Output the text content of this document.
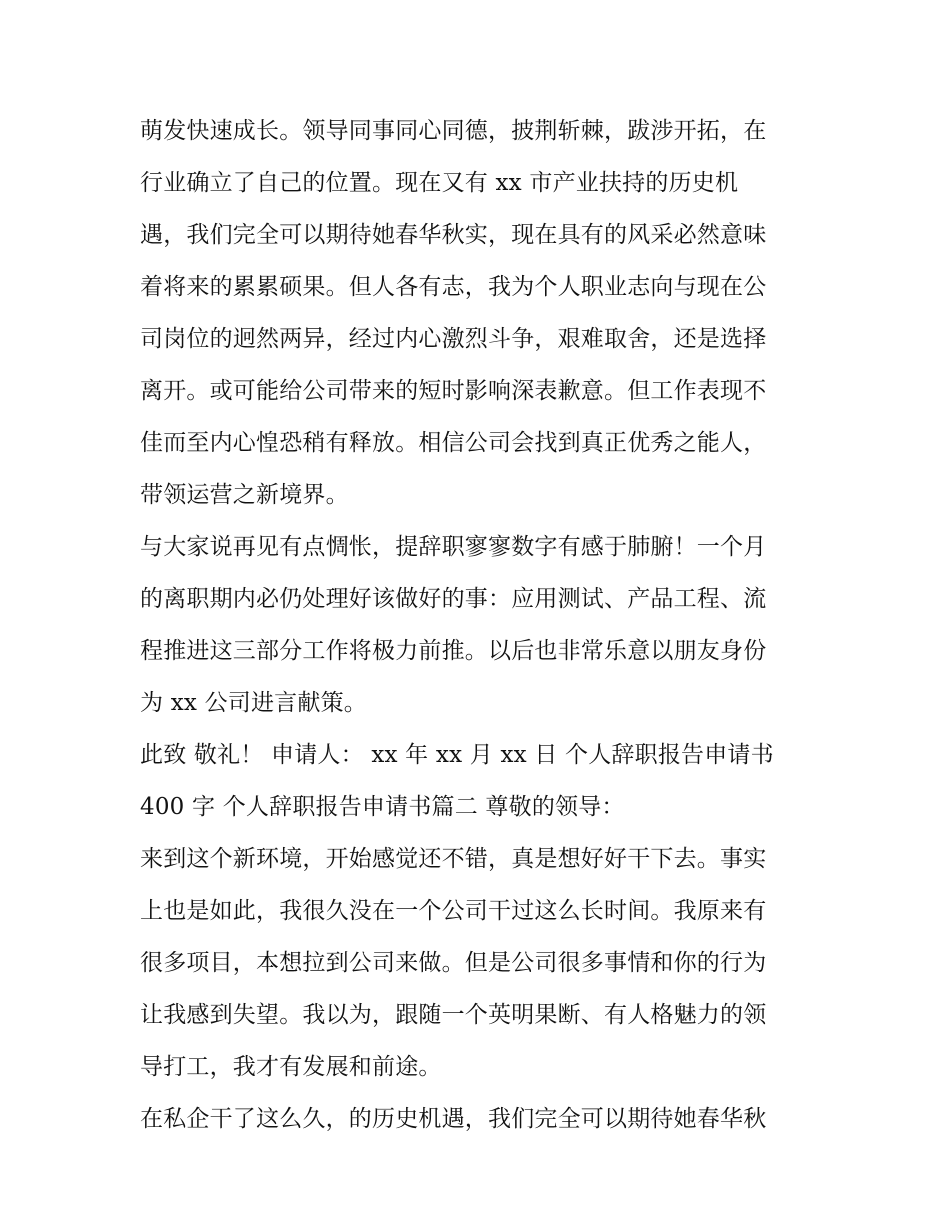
萌发快速成长。领导同事同心同德，披荆斩棘，跋涉开拓，在
行业确立了自己的位置。现在又有 xx 市产业扶持的历史机
遇，我们完全可以期待她春华秋实，现在具有的风采必然意味
着将来的累累硕果。但人各有志，我为个人职业志向与现在公
司岗位的迥然两异，经过内心激烈斗争，艰难取舍，还是选择
离开。或可能给公司带来的短时影响深表歉意。但工作表现不
佳而至内心惶恐稍有释放。相信公司会找到真正优秀之能人，
带领运营之新境界。
与大家说再见有点惆怅，提辞职寥寥数字有感于肺腑！一个月
的离职期内必仍处理好该做好的事：应用测试、产品工程、流
程推进这三部分工作将极力前推。以后也非常乐意以朋友身份
为 xx 公司进言献策。
此致 敬礼！ 申请人： xx 年 xx 月 xx 日 个人辞职报告申请书
400 字 个人辞职报告申请书篇二 尊敬的领导：
来到这个新环境，开始感觉还不错，真是想好好干下去。事实
上也是如此，我很久没在一个公司干过这么长时间。我原来有
很多项目，本想拉到公司来做。但是公司很多事情和你的行为
让我感到失望。我以为，跟随一个英明果断、有人格魅力的领
导打工，我才有发展和前途。
在私企干了这么久，的历史机遇，我们完全可以期待她春华秋
